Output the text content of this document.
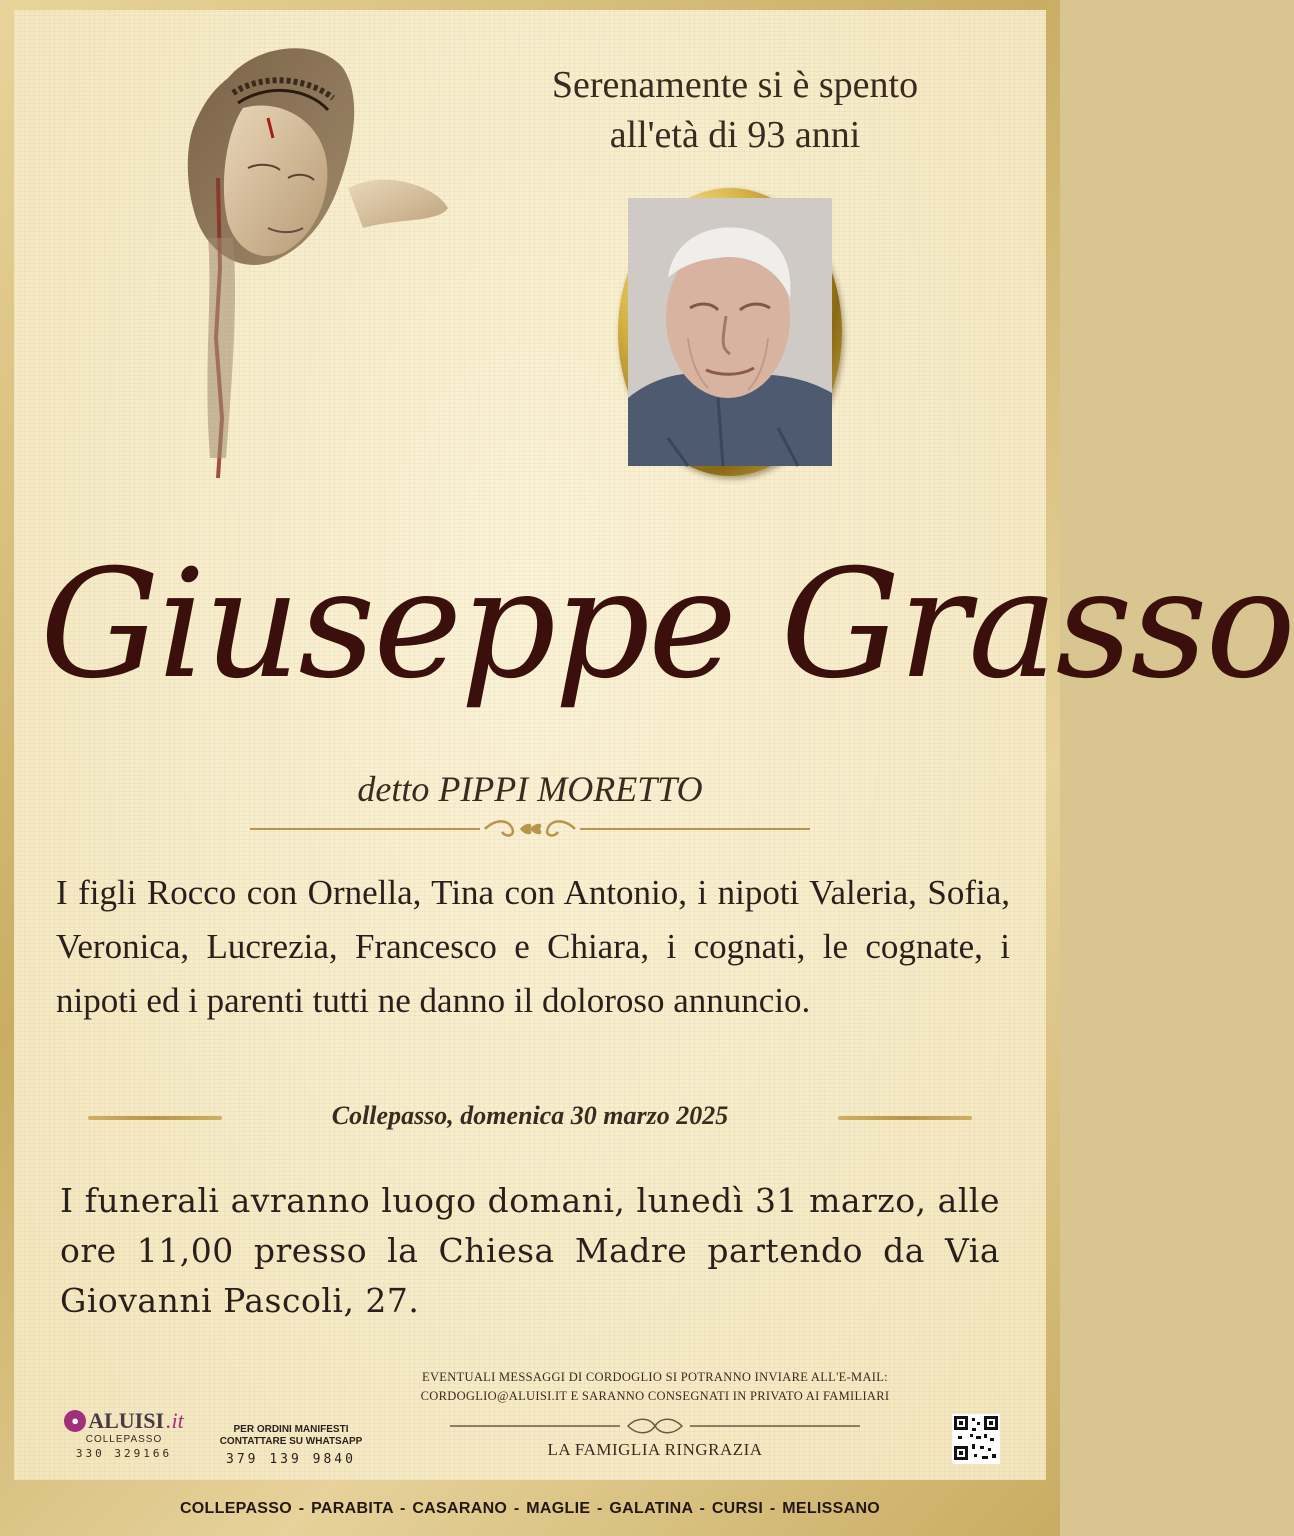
Serenamente si è spento
all'età di 93 anni
Giuseppe Grasso
detto PIPPI MORETTO
I figli Rocco con Ornella, Tina con Antonio, i nipoti Valeria, Sofia, Veronica, Lucrezia, Francesco e Chiara, i cognati, le cognate, i nipoti ed i parenti tutti ne danno il doloroso annuncio.
Collepasso, domenica 30 marzo 2025
I funerali avranno luogo domani, lunedì 31 marzo, alle ore 11,00 presso la Chiesa Madre partendo da Via Giovanni Pascoli, 27.
● ALUISI .it
COLLEPASSO
330 329166
PER ORDINI MANIFESTI
CONTATTARE SU WHATSAPP
379 139 9840
EVENTUALI MESSAGGI DI CORDOGLIO SI POTRANNO INVIARE ALL'E-MAIL:
CORDOGLIO@ALUISI.IT E SARANNO CONSEGNATI IN PRIVATO AI FAMILIARI
LA FAMIGLIA RINGRAZIA
COLLEPASSO - PARABITA - CASARANO - MAGLIE - GALATINA - CURSI - MELISSANO
